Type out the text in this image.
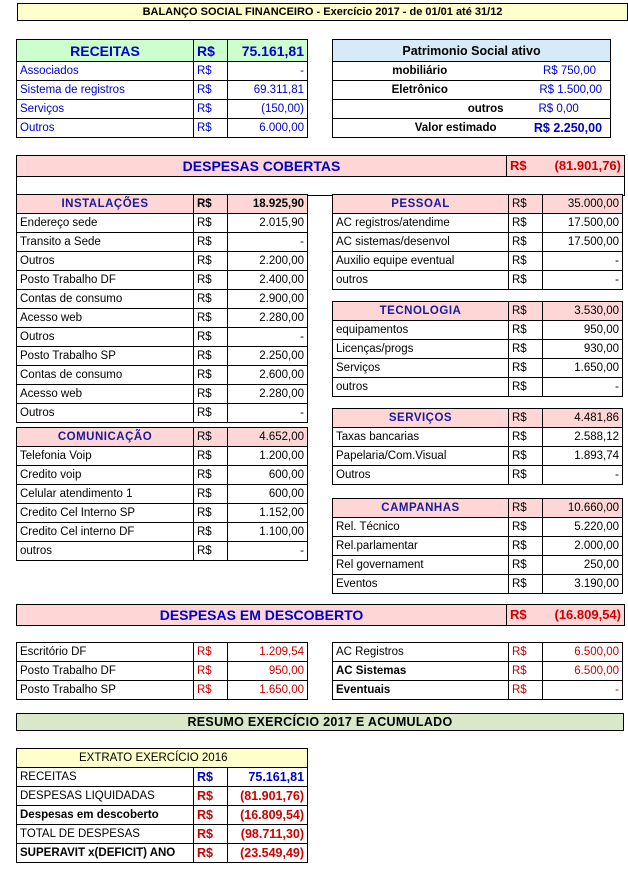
BALANÇO SOCIAL FINANCEIRO - Exercício 2017 - de 01/01 até 31/12
RECEITAS	R$	75.161,81
Associados	R$	-
Sistema de registros	R$	69.311,81
Serviços	R$	(150,00)
Outros	R$	6.000,00
Patrimonio Social ativo	
mobiliário	R$ 750,00
Eletrônico	R$ 1.500,00
outros	R$ 0,00
Valor estimado	R$ 2.250,00
DESPESAS COBERTAS	R$	(81.901,76)

INSTALAÇÕES	R$	18.925,90
Endereço sede	R$	2.015,90
Transito a Sede	R$	-
Outros	R$	2.200,00
Posto Trabalho DF	R$	2.400,00
Contas de consumo	R$	2.900,00
Acesso web	R$	2.280,00
Outros	R$	-
Posto Trabalho SP	R$	2.250,00
Contas de consumo	R$	2.600,00
Acesso web	R$	2.280,00
Outros	R$	-
PESSOAL	R$	35.000,00
AC registros/atendime	R$	17.500,00
AC sistemas/desenvol	R$	17.500,00
Auxilio equipe eventual	R$	-
outros	R$	-
TECNOLOGIA	R$	3.530,00
equipamentos	R$	950,00
Licenças/progs	R$	930,00
Serviços	R$	1.650,00
outros	R$	-
SERVIÇOS	R$	4.481,86
Taxas bancarias	R$	2.588,12
Papelaria/Com.Visual	R$	1.893,74
Outros	R$	-
COMUNICAÇÃO	R$	4.652,00
Telefonia Voip	R$	1.200,00
Credito voip	R$	600,00
Celular atendimento 1	R$	600,00
Credito Cel Interno SP	R$	1.152,00
Credito Cel interno DF	R$	1.100,00
outros	R$	-
CAMPANHAS	R$	10.660,00
Rel. Técnico	R$	5.220,00
Rel.parlamentar	R$	2.000,00
Rel governament	R$	250,00
Eventos	R$	3.190,00
DESPESAS EM DESCOBERTO	R$	(16.809,54)
Escritório DF	R$	1.209,54
Posto Trabalho DF	R$	950,00
Posto Trabalho SP	R$	1.650,00
AC Registros	R$	6.500,00
AC Sistemas	R$	6.500,00
Eventuais	R$	-
RESUMO EXERCÍCIO 2017 E ACUMULADO
EXTRATO EXERCÍCIO 2016		
RECEITAS	R$	75.161,81
DESPESAS LIQUIDADAS	R$	(81.901,76)
Despesas em descoberto	R$	(16.809,54)
TOTAL DE DESPESAS	R$	(98.711,30)
SUPERAVIT x(DEFICIT) ANO	R$	(23.549,49)
